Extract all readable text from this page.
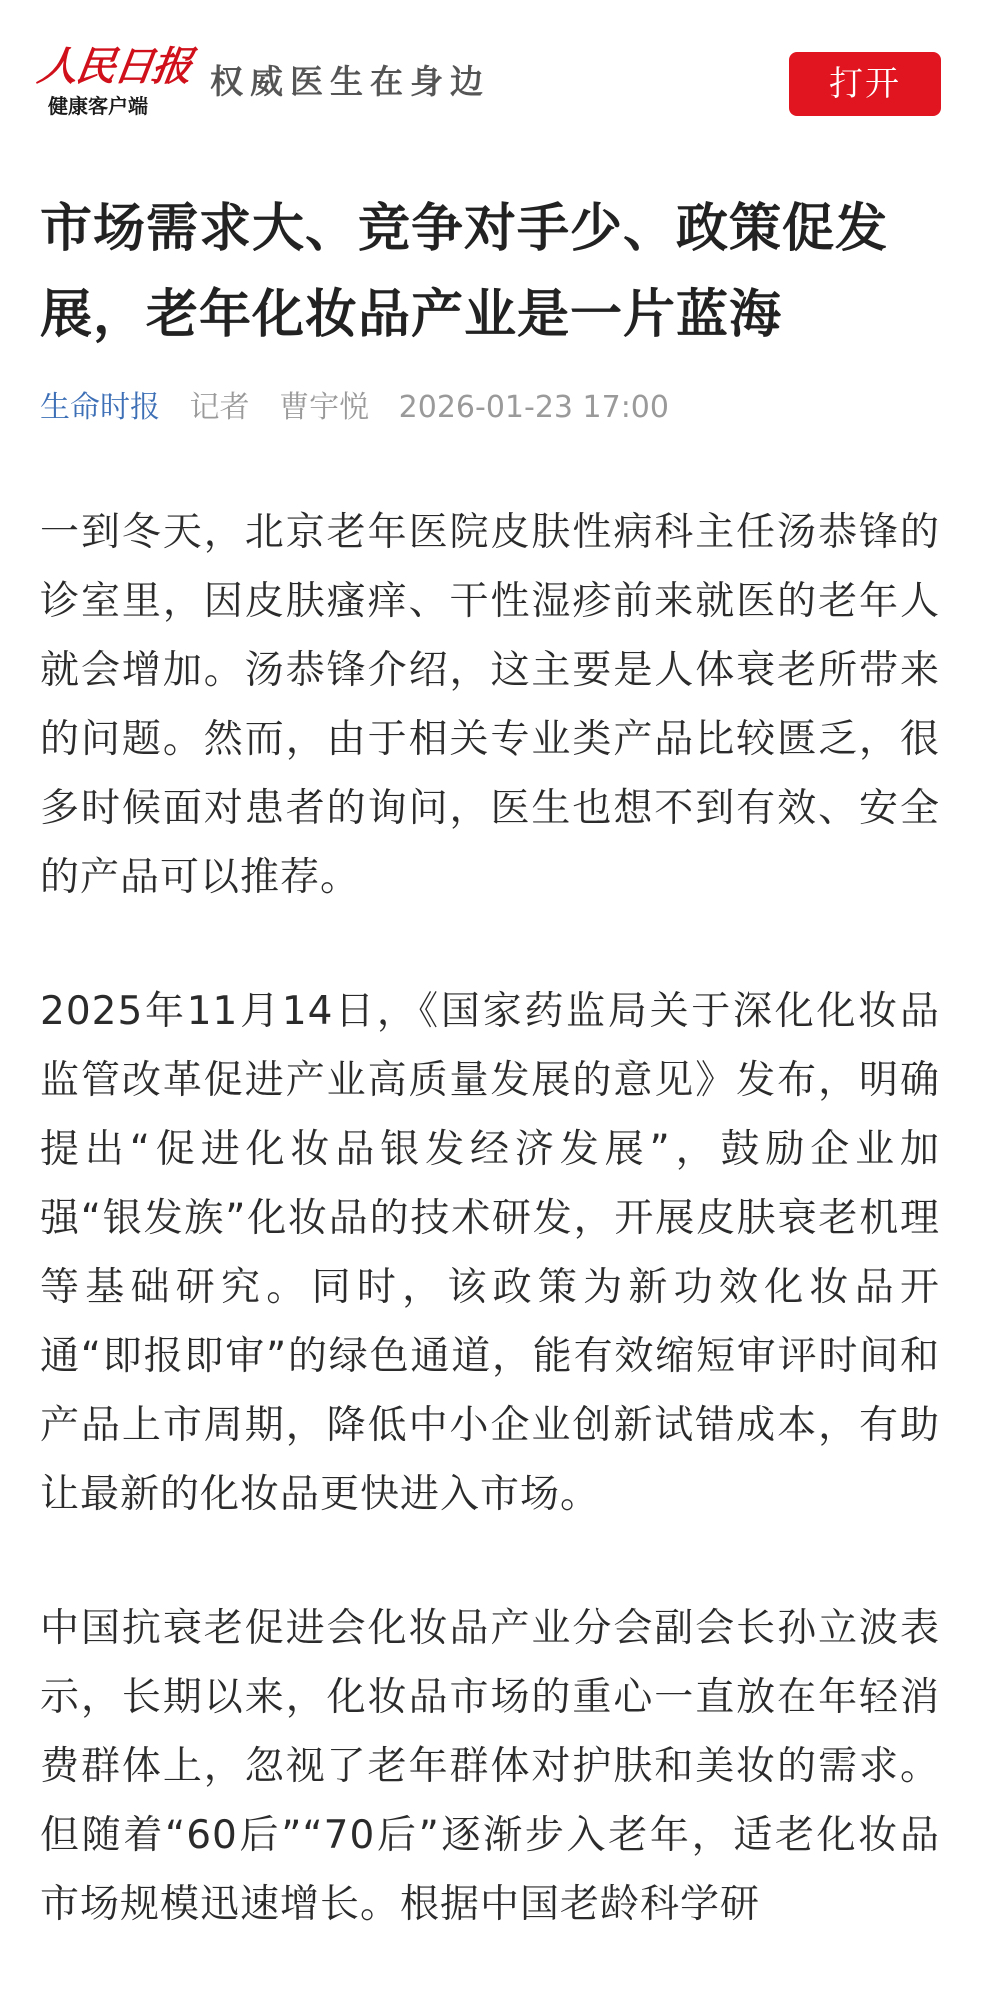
人民日报
健康客户端
权威医生在身边	打开
市场需求大、竞争对手少、政策促发展，老年化妆品产业是一片蓝海
生命时报 记者 曹宇悦 2026-01-23 17:00

一到冬天，北京老年医院皮肤性病科主任汤恭锋的诊室里，因皮肤瘙痒、干性湿疹前来就医的老年人就会增加。汤恭锋介绍，这主要是人体衰老所带来的问题。然而，由于相关专业类产品比较匮乏，很多时候面对患者的询问，医生也想不到有效、安全的产品可以推荐。

2025年11月14日，《国家药监局关于深化化妆品监管改革促进产业高质量发展的意见》发布，明确提出“促进化妆品银发经济发展”，鼓励企业加强“银发族”化妆品的技术研发，开展皮肤衰老机理等基础研究。同时，该政策为新功效化妆品开通“即报即审”的绿色通道，能有效缩短审评时间和产品上市周期，降低中小企业创新试错成本，有助让最新的化妆品更快进入市场。

中国抗衰老促进会化妆品产业分会副会长孙立波表示，长期以来，化妆品市场的重心一直放在年轻消费群体上，忽视了老年群体对护肤和美妆的需求。但随着“60后”“70后”逐渐步入老年，适老化妆品市场规模迅速增长。根据中国老龄科学研
